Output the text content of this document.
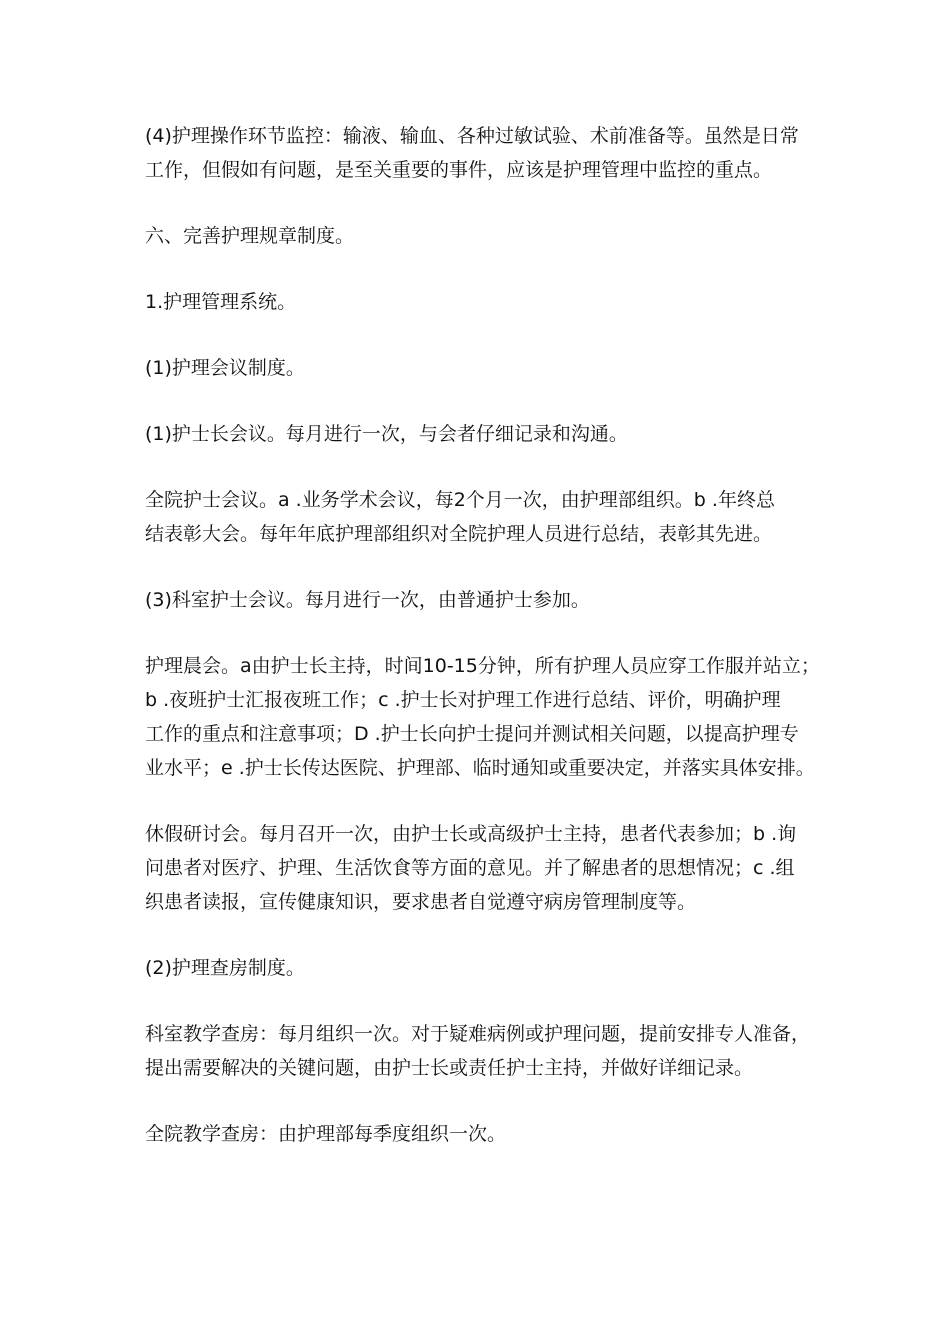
(4)护理操作环节监控：输液、输血、各种过敏试验、术前准备等。虽然是日常
工作，但假如有问题，是至关重要的事件，应该是护理管理中监控的重点。

六、完善护理规章制度。

1.护理管理系统。

(1)护理会议制度。

(1)护士长会议。每月进行一次，与会者仔细记录和沟通。

全院护士会议。a .业务学术会议，每2个月一次，由护理部组织。b .年终总
结表彰大会。每年年底护理部组织对全院护理人员进行总结，表彰其先进。

(3)科室护士会议。每月进行一次，由普通护士参加。

护理晨会。a由护士长主持，时间10-15分钟，所有护理人员应穿工作服并站立；
b .夜班护士汇报夜班工作；c .护士长对护理工作进行总结、评价，明确护理
工作的重点和注意事项；D .护士长向护士提问并测试相关问题，以提高护理专
业水平；e .护士长传达医院、护理部、临时通知或重要决定，并落实具体安排。

休假研讨会。每月召开一次，由护士长或高级护士主持，患者代表参加；b .询
问患者对医疗、护理、生活饮食等方面的意见。并了解患者的思想情况；c .组
织患者读报，宣传健康知识，要求患者自觉遵守病房管理制度等。

(2)护理查房制度。

科室教学查房：每月组织一次。对于疑难病例或护理问题，提前安排专人准备，
提出需要解决的关键问题，由护士长或责任护士主持，并做好详细记录。

全院教学查房：由护理部每季度组织一次。
